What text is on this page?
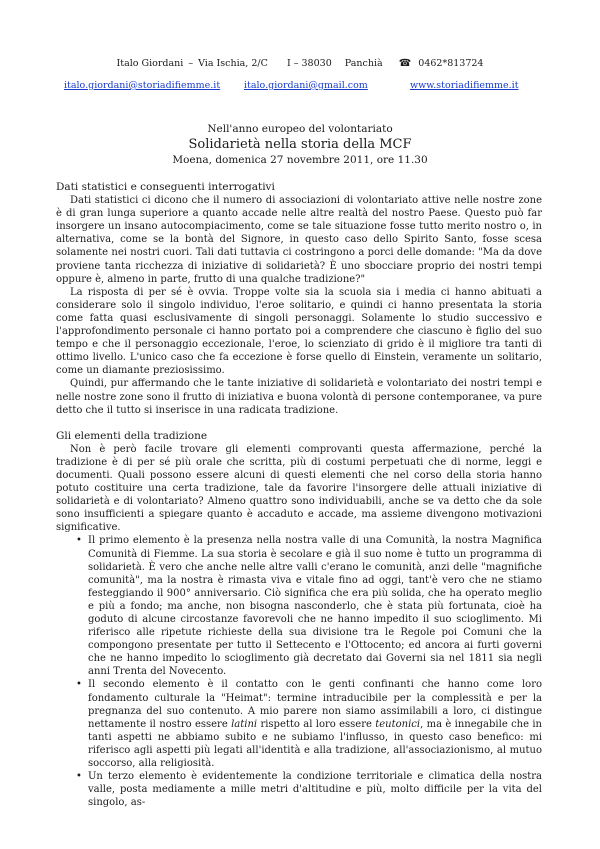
Italo Giordani – Via Ischia, 2/C I – 38030 Panchià ☎ 0462*813724
italo.giordani@storiadifiemme.it	italo.giordani@gmail.com	www.storiadifiemme.it
Nell'anno europeo del volontariato
Solidarietà nella storia della MCF
Moena, domenica 27 novembre 2011, ore 11.30
Dati statistici e conseguenti interrogativi

Dati statistici ci dicono che il numero di associazioni di volontariato attive nelle nostre zone è di gran lunga superiore a quanto accade nelle altre realtà del nostro Paese. Questo può far insorgere un insano autocompiacimento, come se tale situazione fosse tutto merito nostro o, in alternativa, come se la bontà del Signore, in questo caso dello Spirito Santo, fosse scesa solamente nei nostri cuori. Tali dati tuttavia ci costringono a porci delle domande: "Ma da dove proviene tanta ricchezza di iniziative di solidarietà? È uno sbocciare proprio dei nostri tempi oppure è, almeno in parte, frutto di una qualche tradizione?"

La risposta di per sé è ovvia. Troppe volte sia la scuola sia i media ci hanno abituati a considerare solo il singolo individuo, l'eroe solitario, e quindi ci hanno presentata la storia come fatta quasi esclusivamente di singoli personaggi. Solamente lo studio successivo e l'approfondimento personale ci hanno portato poi a comprendere che ciascuno è figlio del suo tempo e che il personaggio eccezionale, l'eroe, lo scienziato di grido è il migliore tra tanti di ottimo livello. L'unico caso che fa eccezione è forse quello di Einstein, veramente un solitario, come un diamante preziosissimo.

Quindi, pur affermando che le tante iniziative di solidarietà e volontariato dei nostri tempi e nelle nostre zone sono il frutto di iniziativa e buona volontà di persone contemporanee, va pure detto che il tutto si inserisce in una radicata tradizione.

Gli elementi della tradizione

Non è però facile trovare gli elementi comprovanti questa affermazione, perché la tradizione è di per sé più orale che scritta, più di costumi perpetuati che di norme, leggi e documenti. Quali possono essere alcuni di questi elementi che nel corso della storia hanno potuto costituire una certa tradizione, tale da favorire l'insorgere delle attuali iniziative di solidarietà e di volontariato? Almeno quattro sono individuabili, anche se va detto che da sole sono insufficienti a spiegare quanto è accaduto e accade, ma assieme divengono motivazioni significative.

• Il primo elemento è la presenza nella nostra valle di una Comunità, la nostra Magnifica Comunità di Fiemme. La sua storia è secolare e già il suo nome è tutto un programma di solidarietà. È vero che anche nelle altre valli c'erano le comunità, anzi delle "magnifiche comunità", ma la nostra è rimasta viva e vitale fino ad oggi, tant'è vero che ne stiamo festeggiando il 900° anniversario. Ciò significa che era più solida, che ha operato meglio e più a fondo; ma anche, non bisogna nasconderlo, che è stata più fortunata, cioè ha goduto di alcune circostanze favorevoli che ne hanno impedito il suo scioglimento. Mi riferisco alle ripetute richieste della sua divisione tra le Regole poi Comuni che la compongono presentate per tutto il Settecento e l'Ottocento; ed ancora ai furti governi che ne hanno impedito lo scioglimento già decretato dai Governi sia nel 1811 sia negli anni Trenta del Novecento.
• Il secondo elemento è il contatto con le genti confinanti che hanno come loro fondamento culturale la "Heimat": termine intraducibile per la complessità e per la pregnanza del suo contenuto. A mio parere non siamo assimilabili a loro, ci distingue nettamente il nostro essere latini rispetto al loro essere teutonici, ma è innegabile che in tanti aspetti ne abbiamo subito e ne subiamo l'influsso, in questo caso benefico: mi riferisco agli aspetti più legati all'identità e alla tradizione, all'associazionismo, al mutuo soccorso, alla religiosità.
• Un terzo elemento è evidentemente la condizione territoriale e climatica della nostra valle, posta mediamente a mille metri d'altitudine e più, molto difficile per la vita del singolo, as-
